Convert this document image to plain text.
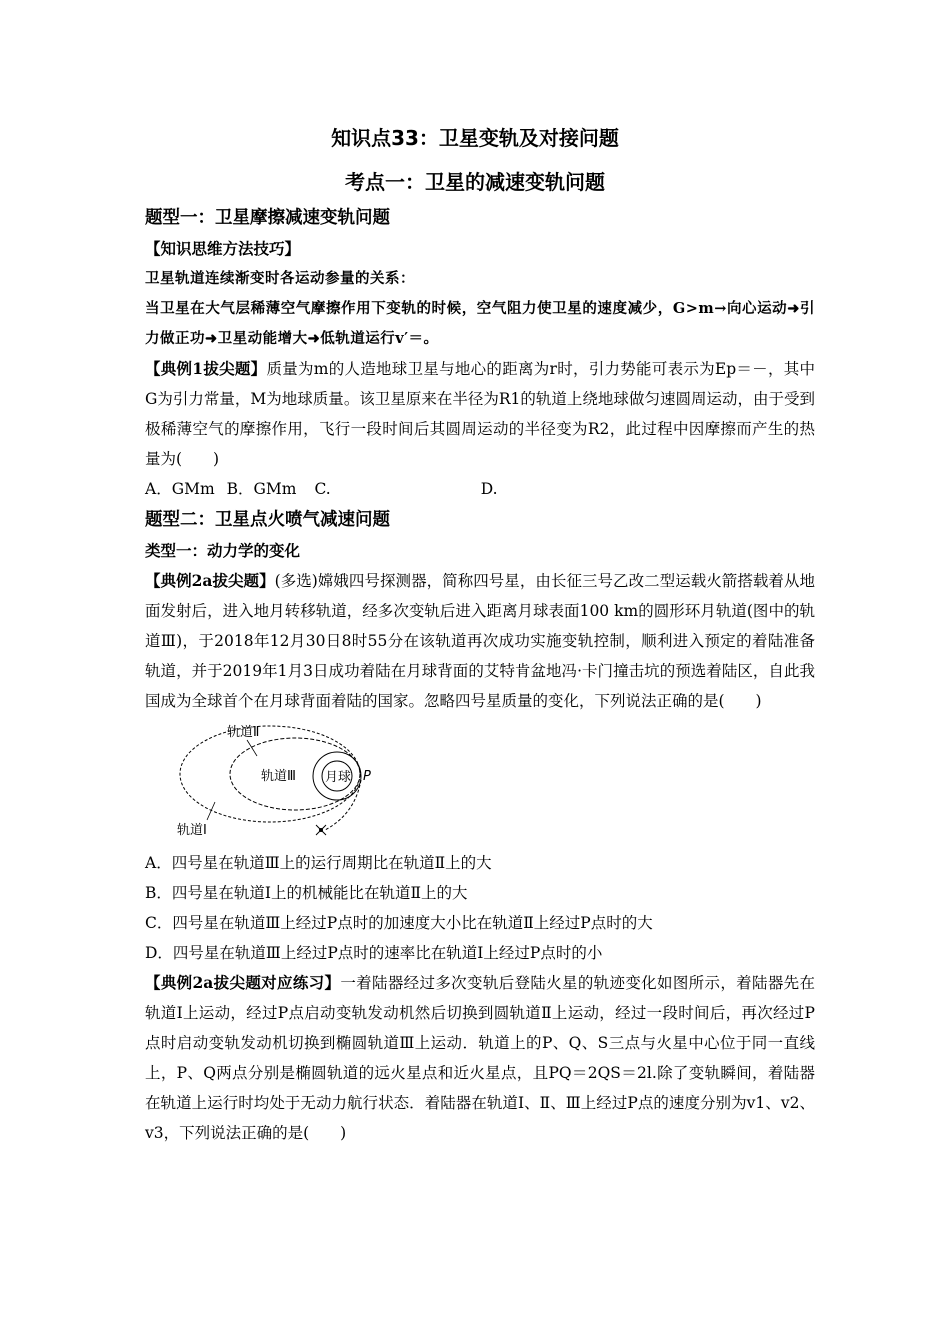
知识点33：卫星变轨及对接问题
考点一：卫星的减速变轨问题
题型一：卫星摩擦减速变轨问题

【知识思维方法技巧】

卫星轨道连续渐变时各运动参量的关系：

当卫星在大气层稀薄空气摩擦作用下变轨的时候，空气阻力使卫星的速度减少，G>m→向心运动➜引力做正功➜卫星动能增大➜低轨道运行v′＝。

【典例1拔尖题】质量为m的人造地球卫星与地心的距离为r时，引力势能可表示为Ep＝－，其中G为引力常量，M为地球质量。该卫星原来在半径为R1的轨道上绕地球做匀速圆周运动，由于受到极稀薄空气的摩擦作用，飞行一段时间后其圆周运动的半径变为R2，此过程中因摩擦而产生的热量为(　　)

A．GMm B．GMm C.	D.
题型二：卫星点火喷气减速问题
类型一：动力学的变化

【典例2a拔尖题】(多选)嫦娥四号探测器，简称四号星，由长征三号乙改二型运载火箭搭载着从地面发射后，进入地月转移轨道，经多次变轨后进入距离月球表面100 km的圆形环月轨道(图中的轨道Ⅲ)，于2018年12月30日8时55分在该轨道再次成功实施变轨控制，顺利进入预定的着陆准备轨道，并于2019年1月3日成功着陆在月球背面的艾特肯盆地冯·卡门撞击坑的预选着陆区，自此我国成为全球首个在月球背面着陆的国家。忽略四号星质量的变化，下列说法正确的是(　　)

轨道Ⅱ
轨道Ⅲ 月球 P
轨道Ⅰ

A．四号星在轨道Ⅲ上的运行周期比在轨道Ⅱ上的大

B．四号星在轨道Ⅰ上的机械能比在轨道Ⅱ上的大

C．四号星在轨道Ⅲ上经过P点时的加速度大小比在轨道Ⅱ上经过P点时的大

D．四号星在轨道Ⅲ上经过P点时的速率比在轨道Ⅰ上经过P点时的小

【典例2a拔尖题对应练习】一着陆器经过多次变轨后登陆火星的轨迹变化如图所示，着陆器先在轨道Ⅰ上运动，经过P点启动变轨发动机然后切换到圆轨道Ⅱ上运动，经过一段时间后，再次经过P点时启动变轨发动机切换到椭圆轨道Ⅲ上运动．轨道上的P、Q、S三点与火星中心位于同一直线上，P、Q两点分别是椭圆轨道的远火星点和近火星点，且PQ＝2QS＝2l.除了变轨瞬间，着陆器在轨道上运行时均处于无动力航行状态．着陆器在轨道Ⅰ、Ⅱ、Ⅲ上经过P点的速度分别为v1、v2、v3，下列说法正确的是(　　)
